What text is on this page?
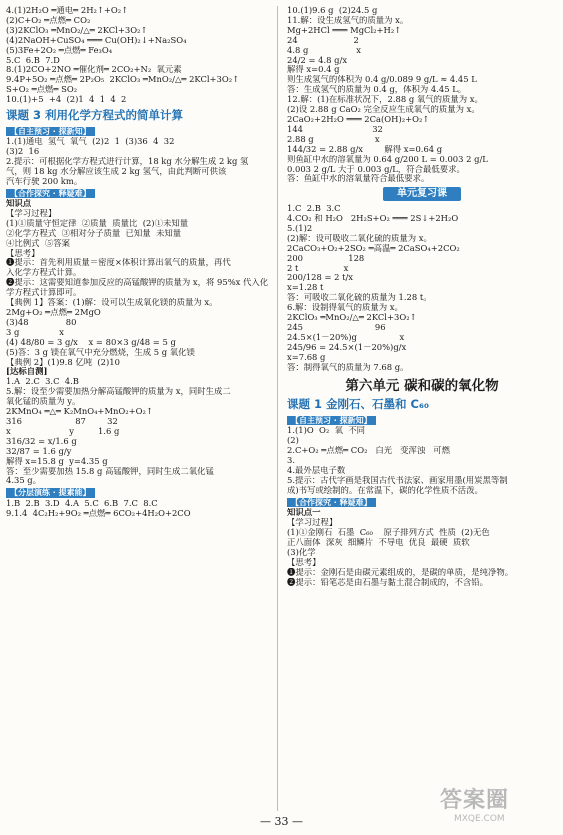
4.(1)2H₂O ═通电═ 2H₂↑+O₂↑
(2)C+O₂ ═点燃═ CO₂
(3)2KClO₃ ═MnO₂/△═ 2KCl+3O₂↑
(4)2NaOH+CuSO₄ ═══ Cu(OH)₂↓+Na₂SO₄
(5)3Fe+2O₂ ═点燃═ Fe₃O₄
5.C  6.B  7.D
8.(1)2CO+2NO ═催化剂═ 2CO₂+N₂  氧元素
9.4P+5O₂ ═点燃═ 2P₂O₅  2KClO₃ ═MnO₂/△═ 2KCl+3O₂↑
S+O₂ ═点燃═ SO₂
10.(1)+5  +4  (2)1  4  1  4  2
课题 3 利用化学方程式的简单计算
【自主预习 · 探新知】
1.(1)通电  氢气  氧气  (2)2  1  (3)36  4  32
(3)2  16
2.提示：可根据化学方程式进行计算，18 kg 水分解生成 2 kg 氢
气，则 18 kg 水分解应该生成 2 kg 氢气，由此判断可供该
汽车行驶 200 km。
【合作探究 · 释疑难】
知识点
【学习过程】
(1)①质量守恒定律  ②质量  质量比  (2)①未知量
②化学方程式  ③相对分子质量  已知量  未知量
④比例式  ⑤答案
【思考】
❶提示：首先利用质量＝密度×体积计算出氧气的质量，再代
入化学方程式计算。
❷提示：这需要知道参加反应的高锰酸钾的质量为 x，将 95%x 代入化
学方程式计算即可。
【典例 1】答案：(1)解：设可以生成氧化镁的质量为 x。
2Mg+O₂ ═点燃═ 2MgO
(3)48              80
3 g               x
(4) 48/80 = 3 g/x    x = 80×3 g/48 = 5 g
(5)答：3 g 镁在氧气中充分燃烧，生成 5 g 氧化镁
【典例 2】(1)9.8 亿吨  (2)10
[达标自测]
1.A  2.C  3.C  4.B
5.解：设至少需要加热分解高锰酸钾的质量为 x，同时生成二
氧化锰的质量为 y。
2KMnO₄ ═△═ K₂MnO₄+MnO₂+O₂↑
316                    87        32
x                      y         1.6 g
316/32 = x/1.6 g
32/87 = 1.6 g/y
解得 x=15.8 g  y=4.35 g
答：至少需要加热 15.8 g 高锰酸钾，同时生成二氧化锰
4.35 g。
【分层演练 · 提素能】
1.B  2.B  3.D  4.A  5.C  6.B  7.C  8.C
9.1.4  4C₂H₂+9O₂ ═点燃═ 6CO₂+4H₂O+2CO
10.(1)9.6 g  (2)24.5 g
11.解：设生成氢气的质量为 x。
Mg+2HCl ═══ MgCl₂+H₂↑
24                     2
4.8 g                  x
24/2 = 4.8 g/x
解得 x=0.4 g
则生成氢气的体积为 0.4 g/0.089 9 g/L ≈ 4.45 L
答：生成氢气的质量为 0.4 g，体积为 4.45 L。
12.解：(1)在标准状况下，2.88 g 氧气的质量为 x。
(2)设 2.88 g CaO₂ 完全反应生成氧气的质量为 x。
2CaO₂+2H₂O ═══ 2Ca(OH)₂+O₂↑
144                          32
2.88 g                       x
144/32 = 2.88 g/x        解得 x=0.64 g
则鱼缸中水的溶氧量为 0.64 g/200 L = 0.003 2 g/L
0.003 2 g/L 大于 0.003 g/L，符合最低要求。
答：鱼缸中水的溶氧量符合最低要求。
单元复习课
1.C  2.B  3.C
4.CO₂ 和 H₂O   2H₂S+O₂ ═══ 2S↓+2H₂O
5.(1)2
(2)解：设可吸收二氧化硫的质量为 x。
2CaCO₃+O₂+2SO₂ ═高温═ 2CaSO₄+2CO₂
200                 128
2 t                 x
200/128 = 2 t/x
x=1.28 t
答：可吸收二氧化硫的质量为 1.28 t。
6.解：设制得氧气的质量为 x。
2KClO₃ ═MnO₂/△═ 2KCl+3O₂↑
245                           96
24.5×(1－20%)g                x
245/96 = 24.5×(1－20%)g/x
x=7.68 g
答：制得氧气的质量为 7.68 g。
第六单元 碳和碳的氧化物
课题 1 金刚石、石墨和 C₆₀
【自主预习 · 探新知】
1.(1)O  O₂  氧  不同
(2)
2.C+O₂ ═点燃═ CO₂   白光   变浑浊   可燃
3.
4.最外层电子数
5.提示：古代字画是我国古代书法家、画家用墨(用炭黑等制
成)书写或绘制的。在常温下，碳的化学性质不活泼。
【合作探究 · 释疑难】
知识点一
【学习过程】
(1)①金刚石  石墨  C₆₀    原子排列方式  性质  (2)无色
正八面体  深灰  细鳞片  不导电  优良  最硬  质软
(3)化学
【思考】
❶提示：金刚石是由碳元素组成的，是碳的单质，是纯净物。
❷提示：铅笔芯是由石墨与黏土混合制成的，不含铅。
— 33 —
答案圈
MXQE.COM
